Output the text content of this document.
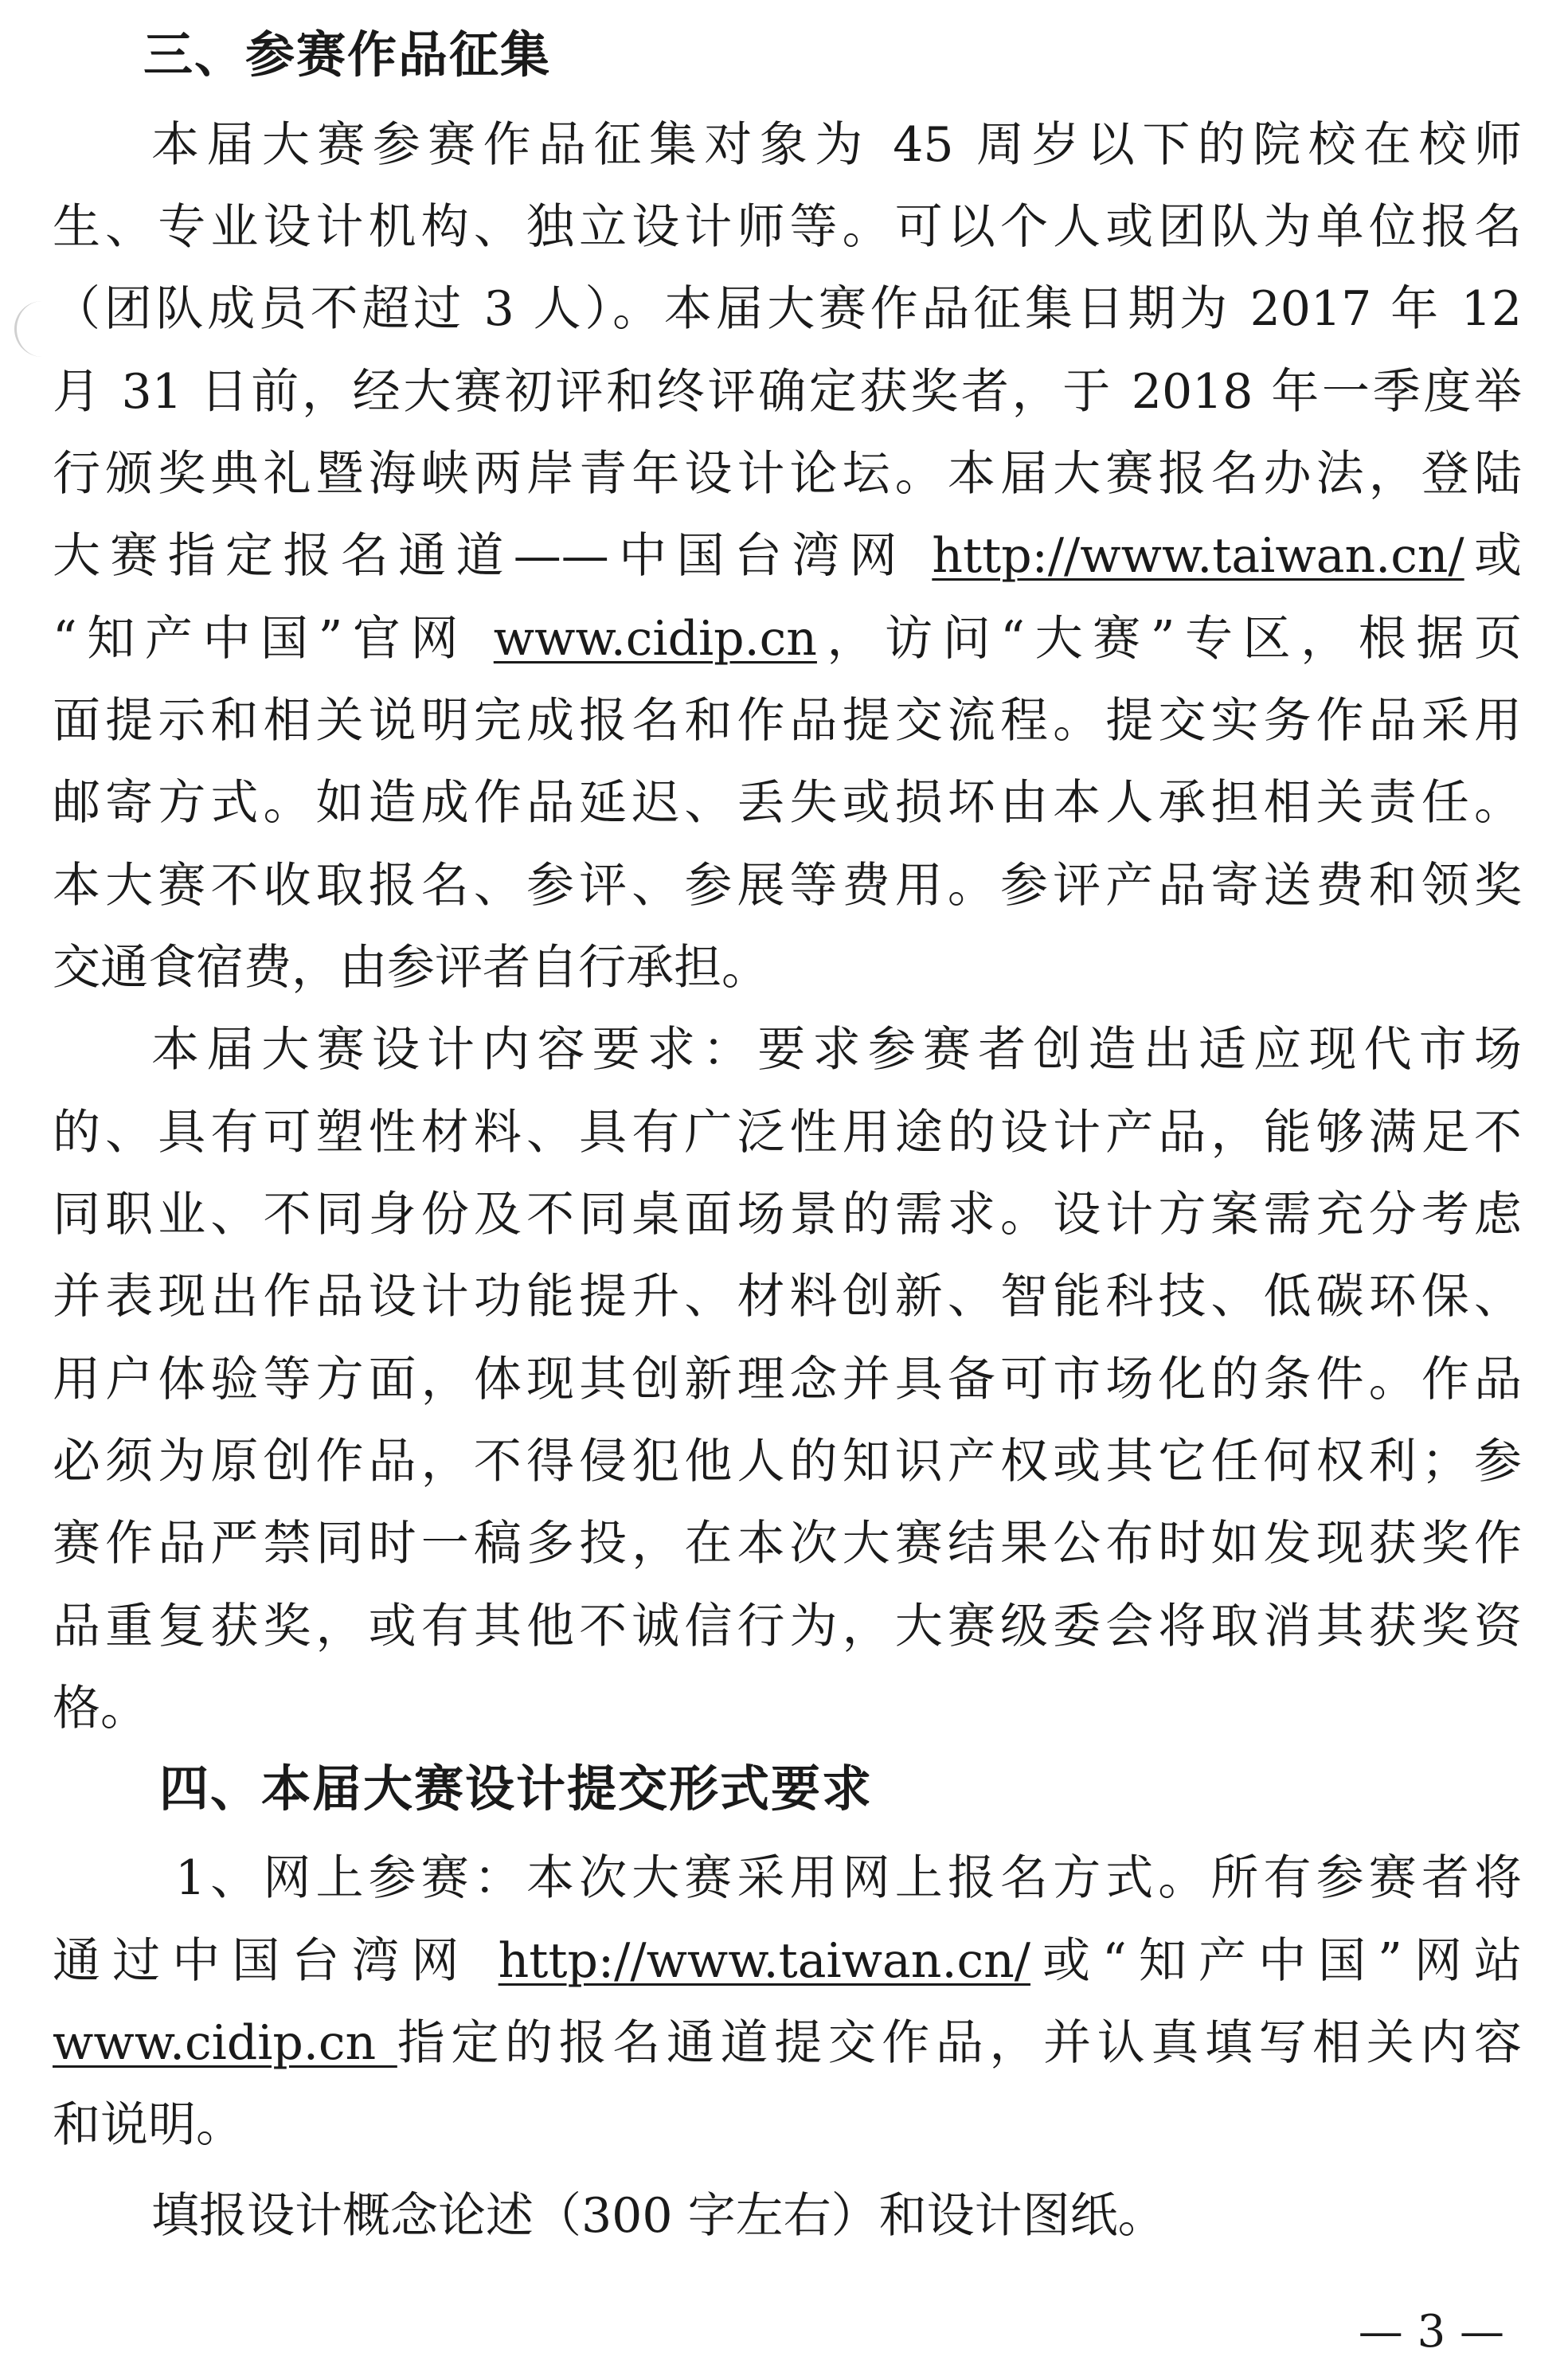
三、参赛作品征集
本届大赛参赛作品征集对象为 45 周岁以下的院校在校师
生、专业设计机构、独立设计师等。可以个人或团队为单位报名
（团队成员不超过 3 人）。本届大赛作品征集日期为 2017 年 12
月 31 日前，经大赛初评和终评确定获奖者，于 2018 年一季度举
行颁奖典礼暨海峡两岸青年设计论坛。本届大赛报名办法，登陆
大赛指定报名通道——中国台湾网 http://www.taiwan.cn/或
“知产中国”官网 www.cidip.cn，访问“大赛”专区，根据页
面提示和相关说明完成报名和作品提交流程。提交实务作品采用
邮寄方式。如造成作品延迟、丢失或损坏由本人承担相关责任。
本大赛不收取报名、参评、参展等费用。参评产品寄送费和领奖
交通食宿费，由参评者自行承担。
本届大赛设计内容要求：要求参赛者创造出适应现代市场
的、具有可塑性材料、具有广泛性用途的设计产品，能够满足不
同职业、不同身份及不同桌面场景的需求。设计方案需充分考虑
并表现出作品设计功能提升、材料创新、智能科技、低碳环保、
用户体验等方面，体现其创新理念并具备可市场化的条件。作品
必须为原创作品，不得侵犯他人的知识产权或其它任何权利；参
赛作品严禁同时一稿多投，在本次大赛结果公布时如发现获奖作
品重复获奖，或有其他不诚信行为，大赛级委会将取消其获奖资
格。
四、本届大赛设计提交形式要求
1、网上参赛：本次大赛采用网上报名方式。所有参赛者将
通过中国台湾网 http://www.taiwan.cn/或“知产中国”网站
www.cidip.cn 指定的报名通道提交作品，并认真填写相关内容
和说明。
填报设计概念论述（300 字左右）和设计图纸。
— 3 —
